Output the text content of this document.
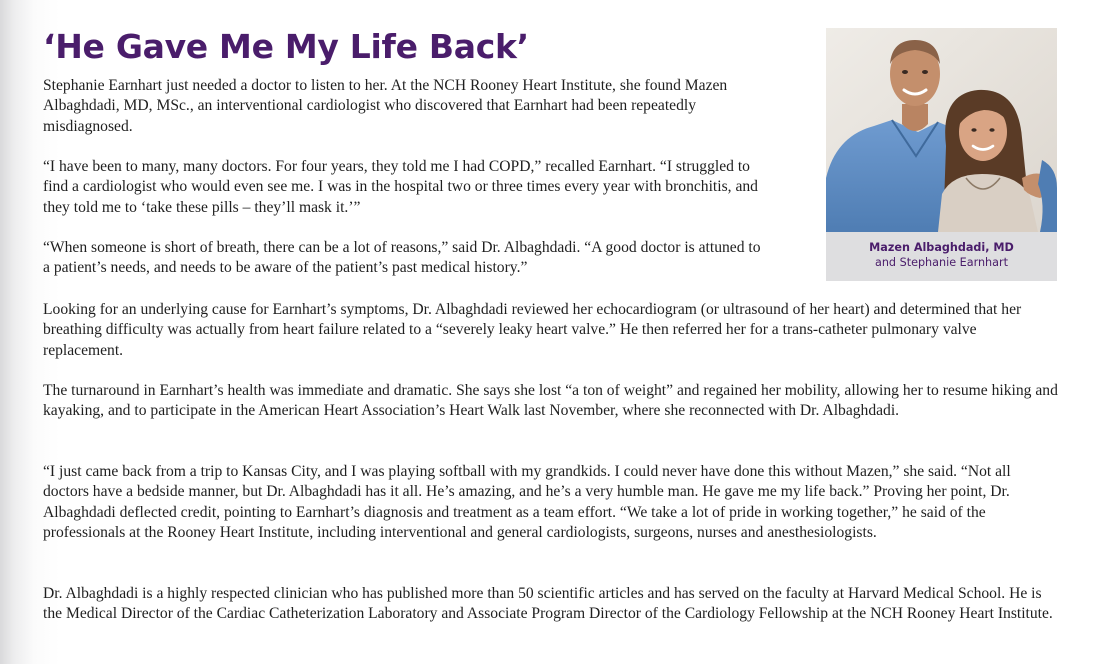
‘He Gave Me My Life Back’

Stephanie Earnhart just needed a doctor to listen to her. At the NCH Rooney Heart Institute, she found Mazen Albaghdadi, MD, MSc., an interventional cardiologist who discovered that Earnhart had been repeatedly misdiagnosed.

“I have been to many, many doctors. For four years, they told me I had COPD,” recalled Earnhart. “I struggled to find a cardiologist who would even see me. I was in the hospital two or three times every year with bronchitis, and they told me to ‘take these pills – they’ll mask it.’”

“When someone is short of breath, there can be a lot of reasons,” said Dr. Albaghdadi. “A good doctor is attuned to a patient’s needs, and needs to be aware of the patient’s past medical history.”

Looking for an underlying cause for Earnhart’s symptoms, Dr. Albaghdadi reviewed her echocardiogram (or ultrasound of her heart) and determined that her breathing difficulty was actually from heart failure related to a “severely leaky heart valve.” He then referred her for a trans-catheter pulmonary valve replacement.

The turnaround in Earnhart’s health was immediate and dramatic. She says she lost “a ton of weight” and regained her mobility, allowing her to resume hiking and kayaking, and to participate in the American Heart Association’s Heart Walk last November, where she reconnected with Dr. Albaghdadi.

“I just came back from a trip to Kansas City, and I was playing softball with my grandkids. I could never have done this without Mazen,” she said. “Not all doctors have a bedside manner, but Dr. Albaghdadi has it all. He’s amazing, and he’s a very humble man. He gave me my life back.” Proving her point, Dr. Albaghdadi deflected credit, pointing to Earnhart’s diagnosis and treatment as a team effort. “We take a lot of pride in working together,” he said of the professionals at the Rooney Heart Institute, including interventional and general cardiologists, surgeons, nurses and anesthesiologists.

Dr. Albaghdadi is a highly respected clinician who has published more than 50 scientific articles and has served on the faculty at Harvard Medical School. He is the Medical Director of the Cardiac Catheterization Laboratory and Associate Program Director of the Cardiology Fellowship at the NCH Rooney Heart Institute.

Mazen Albaghdadi, MD
and Stephanie Earnhart
